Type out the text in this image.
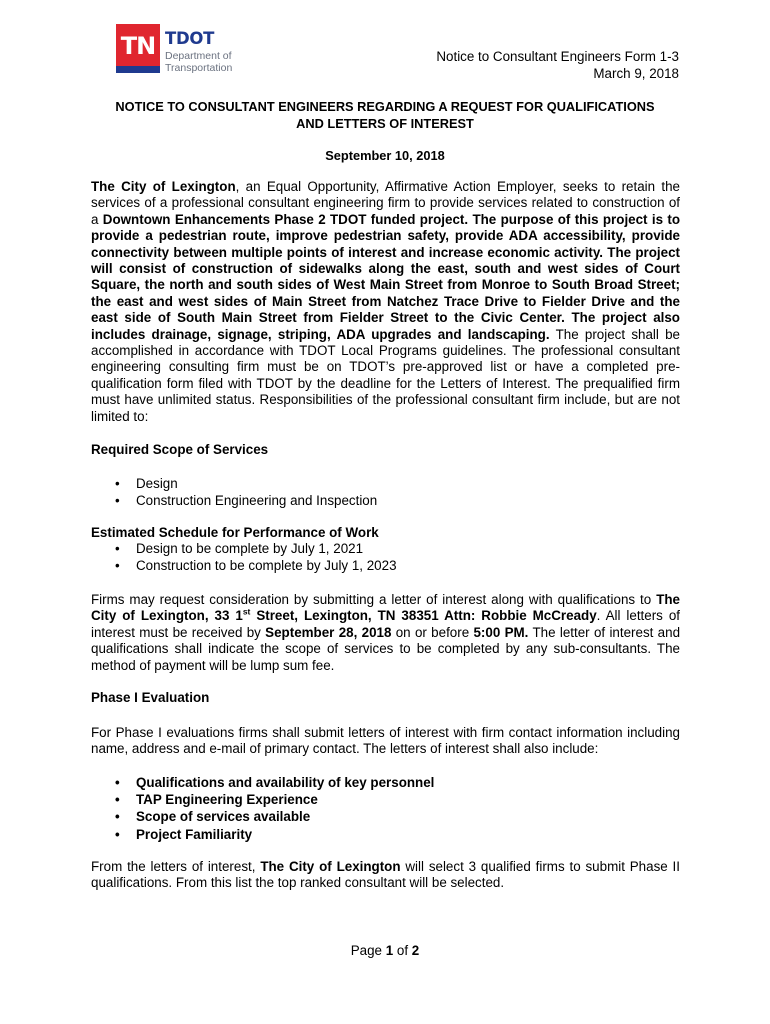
TN TDOT
Department of
Transportation
Notice to Consultant Engineers Form 1-3
March 9, 2018
NOTICE TO CONSULTANT ENGINEERS REGARDING A REQUEST FOR QUALIFICATIONS
AND LETTERS OF INTEREST
September 10, 2018

The City of Lexington, an Equal Opportunity, Affirmative Action Employer, seeks to retain the services of a professional consultant engineering firm to provide services related to construction of a Downtown Enhancements Phase 2 TDOT funded project. The purpose of this project is to provide a pedestrian route, improve pedestrian safety, provide ADA accessibility, provide connectivity between multiple points of interest and increase economic activity. The project will consist of construction of sidewalks along the east, south and west sides of Court Square, the north and south sides of West Main Street from Monroe to South Broad Street; the east and west sides of Main Street from Natchez Trace Drive to Fielder Drive and the east side of South Main Street from Fielder Street to the Civic Center. The project also includes drainage, signage, striping, ADA upgrades and landscaping. The project shall be accomplished in accordance with TDOT Local Programs guidelines. The professional consultant engineering consulting firm must be on TDOT’s pre-approved list or have a completed pre-qualification form filed with TDOT by the deadline for the Letters of Interest. The prequalified firm must have unlimited status. Responsibilities of the professional consultant firm include, but are not limited to:

Required Scope of Services

• Design
• Construction Engineering and Inspection

Estimated Schedule for Performance of Work

• Design to be complete by July 1, 2021
• Construction to be complete by July 1, 2023

Firms may request consideration by submitting a letter of interest along with qualifications to The City of Lexington, 33 1st Street, Lexington, TN 38351 Attn: Robbie McCready. All letters of interest must be received by September 28, 2018 on or before 5:00 PM. The letter of interest and qualifications shall indicate the scope of services to be completed by any sub-consultants. The method of payment will be lump sum fee.

Phase I Evaluation

For Phase I evaluations firms shall submit letters of interest with firm contact information including name, address and e-mail of primary contact. The letters of interest shall also include:

• Qualifications and availability of key personnel
• TAP Engineering Experience
• Scope of services available
• Project Familiarity

From the letters of interest, The City of Lexington will select 3 qualified firms to submit Phase II qualifications. From this list the top ranked consultant will be selected.

Page 1 of 2
